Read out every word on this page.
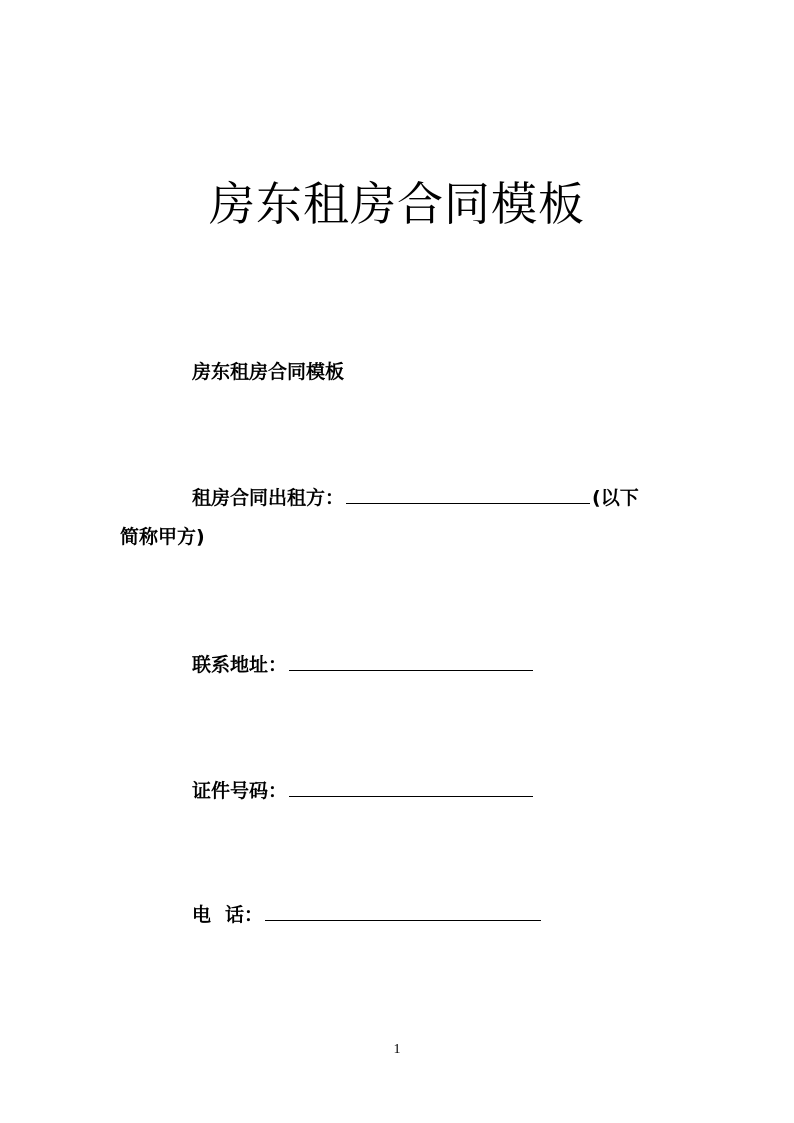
房东租房合同模板
房东租房合同模板
租房合同出租方：	(以下
简称甲方)
联系地址：
证件号码：
电 话：
1
